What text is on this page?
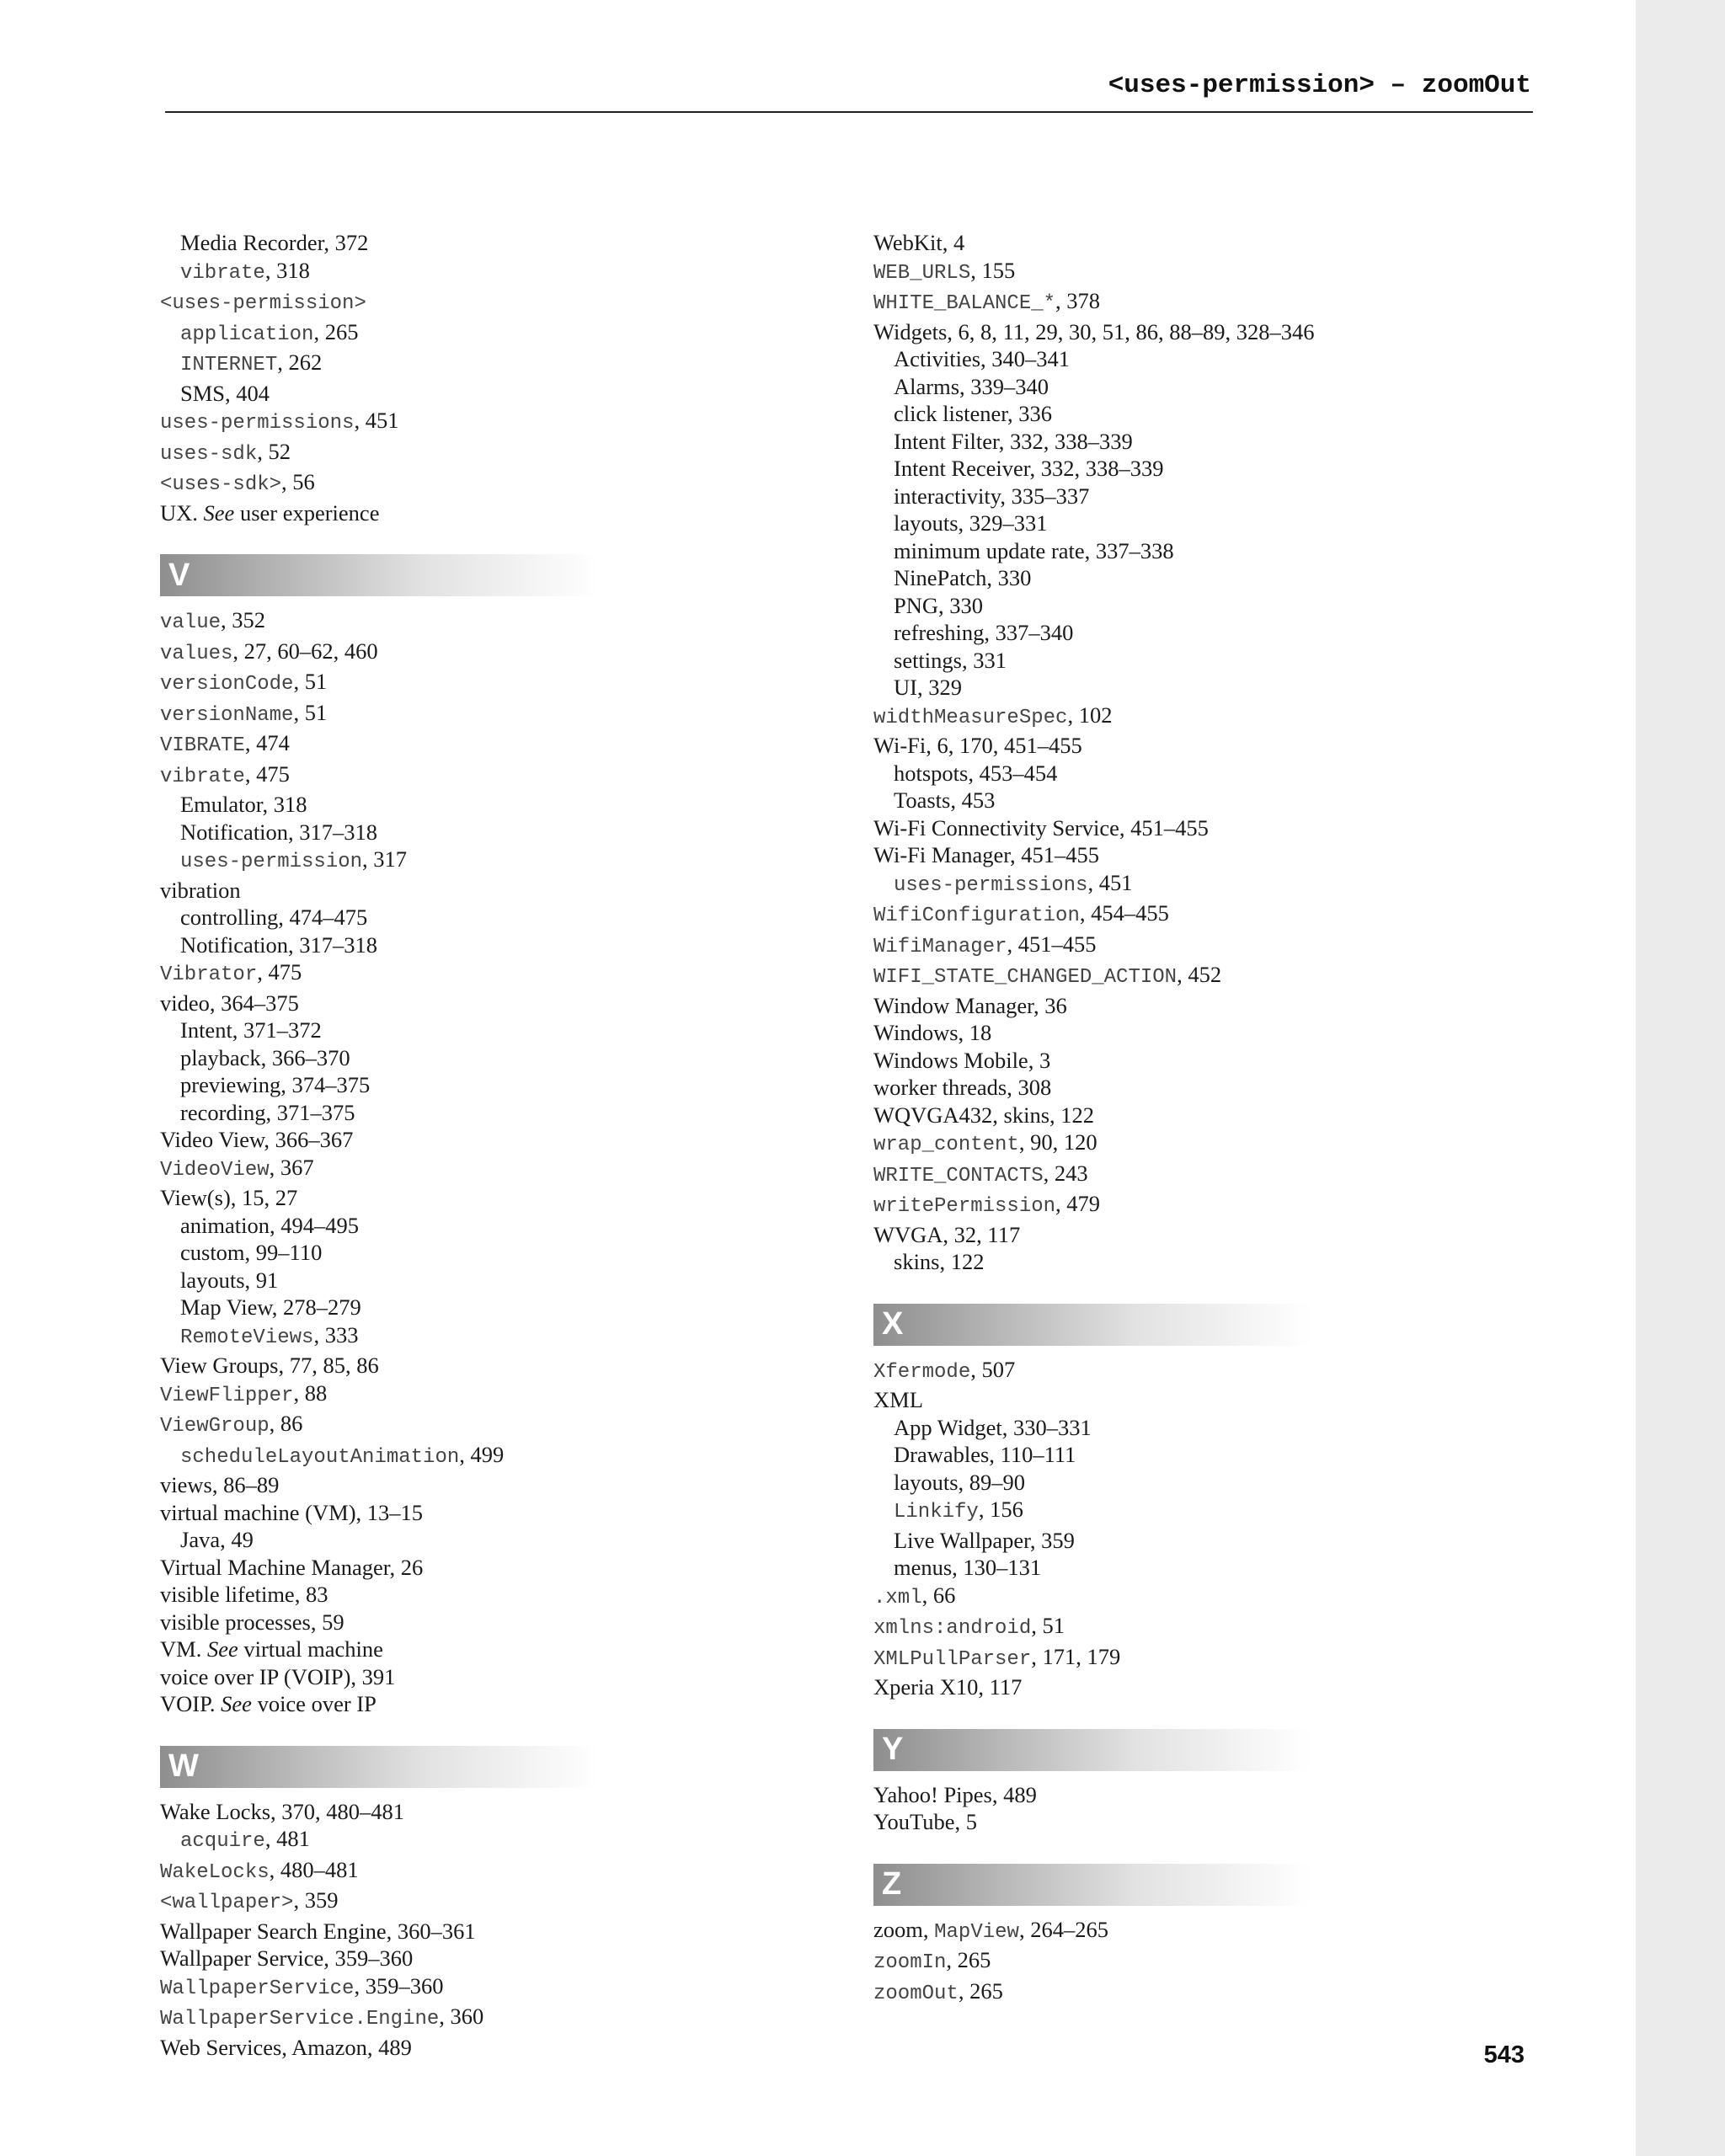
<uses-permission> – zoomOut
Media Recorder, 372
vibrate, 318
<uses-permission>
application, 265
INTERNET, 262
SMS, 404
uses-permissions, 451
uses-sdk, 52
<uses-sdk>, 56
UX. See user experience
V
value, 352
values, 27, 60–62, 460
versionCode, 51
versionName, 51
VIBRATE, 474
vibrate, 475
Emulator, 318
Notification, 317–318
uses-permission, 317
vibration
controlling, 474–475
Notification, 317–318
Vibrator, 475
video, 364–375
Intent, 371–372
playback, 366–370
previewing, 374–375
recording, 371–375
Video View, 366–367
VideoView, 367
View(s), 15, 27
animation, 494–495
custom, 99–110
layouts, 91
Map View, 278–279
RemoteViews, 333
View Groups, 77, 85, 86
ViewFlipper, 88
ViewGroup, 86
scheduleLayoutAnimation, 499
views, 86–89
virtual machine (VM), 13–15
Java, 49
Virtual Machine Manager, 26
visible lifetime, 83
visible processes, 59
VM. See virtual machine
voice over IP (VOIP), 391
VOIP. See voice over IP
W
Wake Locks, 370, 480–481
acquire, 481
WakeLocks, 480–481
<wallpaper>, 359
Wallpaper Search Engine, 360–361
Wallpaper Service, 359–360
WallpaperService, 359–360
WallpaperService.Engine, 360
Web Services, Amazon, 489
WebKit, 4
WEB_URLS, 155
WHITE_BALANCE_*, 378
Widgets, 6, 8, 11, 29, 30, 51, 86, 88–89, 328–346
Activities, 340–341
Alarms, 339–340
click listener, 336
Intent Filter, 332, 338–339
Intent Receiver, 332, 338–339
interactivity, 335–337
layouts, 329–331
minimum update rate, 337–338
NinePatch, 330
PNG, 330
refreshing, 337–340
settings, 331
UI, 329
widthMeasureSpec, 102
Wi-Fi, 6, 170, 451–455
hotspots, 453–454
Toasts, 453
Wi-Fi Connectivity Service, 451–455
Wi-Fi Manager, 451–455
uses-permissions, 451
WifiConfiguration, 454–455
WifiManager, 451–455
WIFI_STATE_CHANGED_ACTION, 452
Window Manager, 36
Windows, 18
Windows Mobile, 3
worker threads, 308
WQVGA432, skins, 122
wrap_content, 90, 120
WRITE_CONTACTS, 243
writePermission, 479
WVGA, 32, 117
skins, 122
X
Xfermode, 507
XML
App Widget, 330–331
Drawables, 110–111
layouts, 89–90
Linkify, 156
Live Wallpaper, 359
menus, 130–131
.xml, 66
xmlns:android, 51
XMLPullParser, 171, 179
Xperia X10, 117
Y
Yahoo! Pipes, 489
YouTube, 5
Z
zoom, MapView, 264–265
zoomIn, 265
zoomOut, 265
543
